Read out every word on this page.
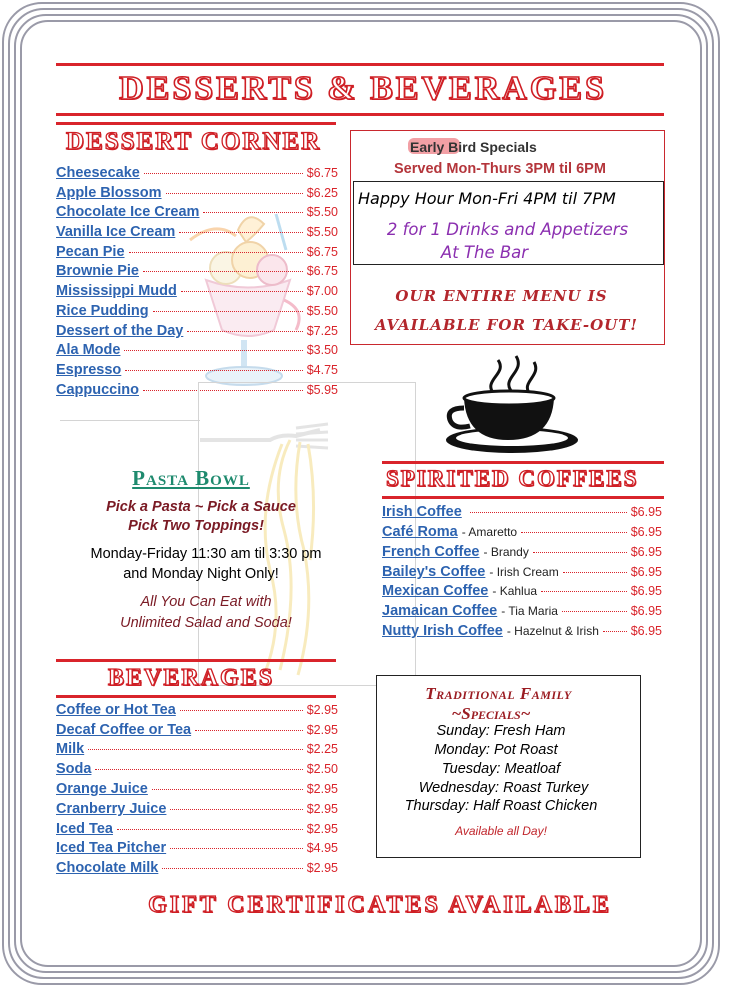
DESSERTS & BEVERAGES
DESSERT CORNER
Cheesecake	$6.75
Apple Blossom	$6.25
Chocolate Ice Cream	$5.50
Vanilla Ice Cream	$5.50
Pecan Pie	$6.75
Brownie Pie	$6.75
Mississippi Mudd	$7.00
Rice Pudding	$5.50
Dessert of the Day	$7.25
Ala Mode	$3.50
Espresso	$4.75
Cappuccino	$5.95
Early Bird Specials
Served Mon-Thurs 3PM til 6PM
Happy Hour Mon-Fri 4PM til 7PM
2 for 1 Drinks and Appetizers
At The Bar
OUR ENTIRE MENU IS
AVAILABLE FOR TAKE-OUT!
Pasta Bowl
Pick a Pasta ~ Pick a Sauce
Pick Two Toppings!
Monday-Friday 11:30 am til 3:30 pm
and Monday Night Only!
All You Can Eat with
Unlimited Salad and Soda!
SPIRITED COFFEES
Irish Coffee	$6.95
Café Roma - Amaretto	$6.95
French Coffee - Brandy	$6.95
Bailey's Coffee - Irish Cream	$6.95
Mexican Coffee - Kahlua	$6.95
Jamaican Coffee - Tia Maria	$6.95
Nutty Irish Coffee - Hazelnut & Irish	$6.95
BEVERAGES
Coffee or Hot Tea	$2.95
Decaf Coffee or Tea	$2.95
Milk	$2.25
Soda	$2.50
Orange Juice	$2.95
Cranberry Juice	$2.95
Iced Tea	$2.95
Iced Tea Pitcher	$4.95
Chocolate Milk	$2.95
Traditional Family
~Specials~
Sunday: Fresh Ham
Monday: Pot Roast
Tuesday: Meatloaf
Wednesday: Roast Turkey
Thursday: Half Roast Chicken
Available all Day!
GIFT CERTIFICATES AVAILABLE
